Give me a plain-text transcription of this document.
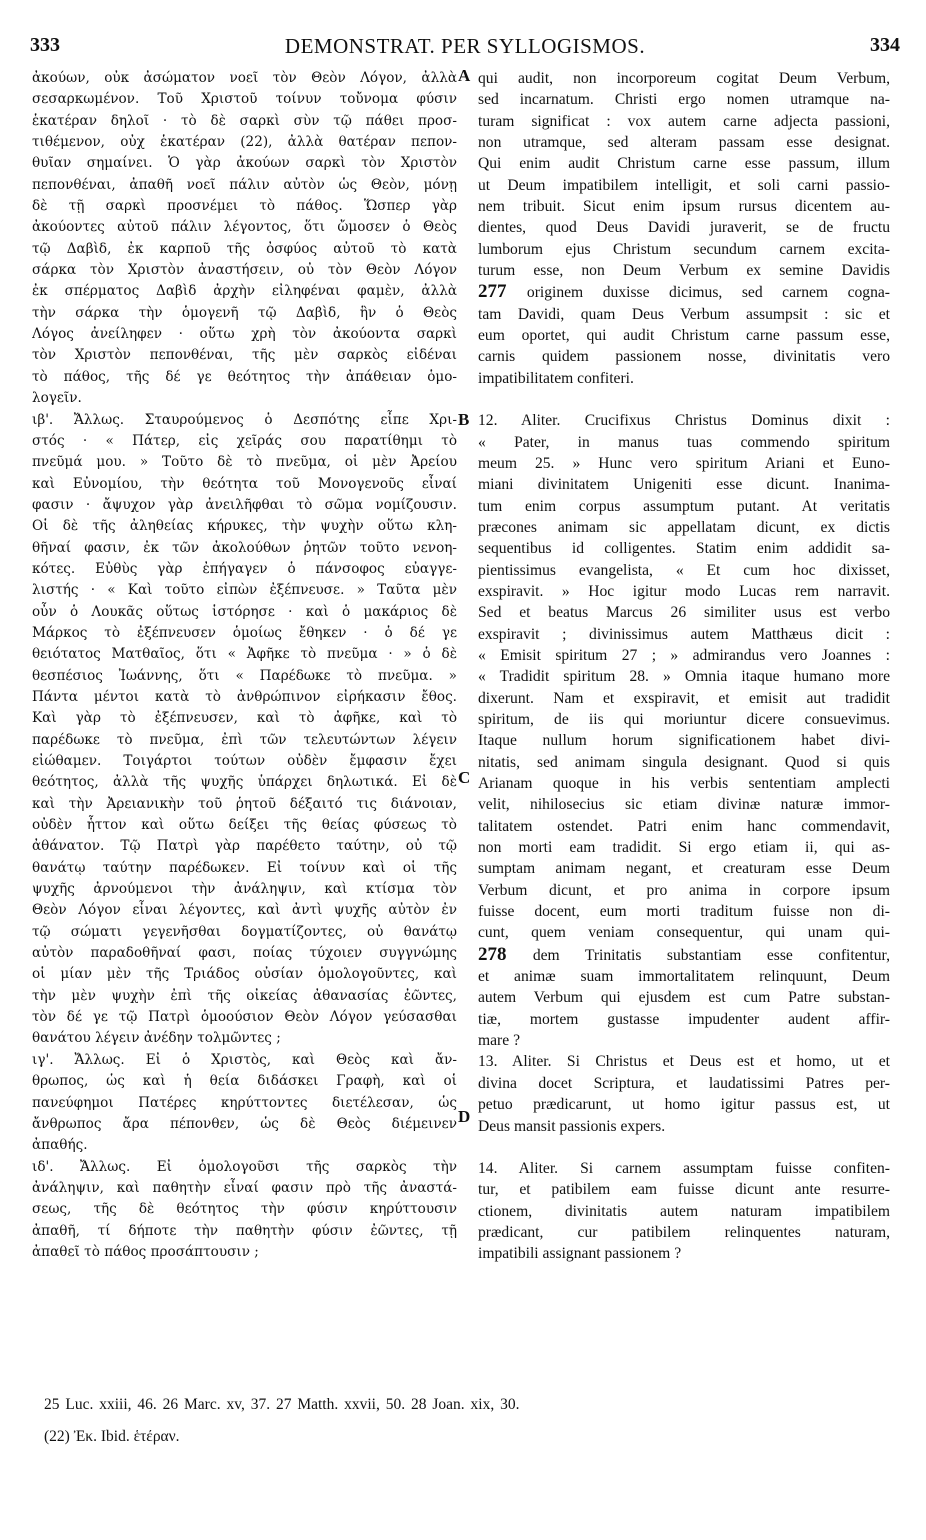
333	DEMONSTRAT. PER SYLLOGISMOS.	334
ἀκούων, οὐκ ἀσώματον νοεῖ τὸν Θεὸν Λόγον, ἀλλὰ
σεσαρκωμένον. Τοῦ Χριστοῦ τοίνυν τοὔνομα φύσιν
ἑκατέραν δηλοῖ · τὸ δὲ σαρκὶ σὺν τῷ πάθει προσ-
τιθέμενον, οὐχ ἑκατέραν (22), ἀλλὰ θατέραν πεπον-
θυῖαν σημαίνει. Ὁ γὰρ ἀκούων σαρκὶ τὸν Χριστὸν
πεπονθέναι, ἀπαθῆ νοεῖ πάλιν αὐτὸν ὡς Θεὸν, μόνῃ
δὲ τῇ σαρκὶ προσνέμει τὸ πάθος. Ὥσπερ γὰρ
ἀκούοντες αὐτοῦ πάλιν λέγοντος, ὅτι ὤμοσεν ὁ Θεὸς
τῷ Δαβὶδ, ἐκ καρποῦ τῆς ὀσφύος αὐτοῦ τὸ κατὰ
σάρκα τὸν Χριστὸν ἀναστήσειν, οὐ τὸν Θεὸν Λόγον
ἐκ σπέρματος Δαβὶδ ἀρχὴν εἰληφέναι φαμὲν, ἀλλὰ
τὴν σάρκα τὴν ὁμογενῆ τῷ Δαβὶδ, ἣν ὁ Θεὸς
Λόγος ἀνείληφεν · οὕτω χρὴ τὸν ἀκούοντα σαρκὶ
τὸν Χριστὸν πεπονθέναι, τῆς μὲν σαρκὸς εἰδέναι
τὸ πάθος, τῆς δέ γε θεότητος τὴν ἀπάθειαν ὁμο-
λογεῖν.
ιβ'. Ἄλλως. Σταυρούμενος ὁ Δεσπότης εἶπε Χρι-
στός · « Πάτερ, εἰς χεῖράς σου παρατίθημι τὸ
πνεῦμά μου. » Τοῦτο δὲ τὸ πνεῦμα, οἱ μὲν Ἀρείου
καὶ Εὐνομίου, τὴν θεότητα τοῦ Μονογενοῦς εἶναί
φασιν · ἄψυχον γὰρ ἀνειλῆφθαι τὸ σῶμα νομίζουσιν.
Οἱ δὲ τῆς ἀληθείας κήρυκες, τὴν ψυχὴν οὕτω κλη-
θῆναί φασιν, ἐκ τῶν ἀκολούθων ῥητῶν τοῦτο νενοη-
κότες. Εὐθὺς γὰρ ἐπήγαγεν ὁ πάνσοφος εὐαγγε-
λιστής · « Καὶ τοῦτο εἰπὼν ἐξέπνευσε. » Ταῦτα μὲν
οὖν ὁ Λουκᾶς οὕτως ἱστόρησε · καὶ ὁ μακάριος δὲ
Μάρκος τὸ ἐξέπνευσεν ὁμοίως ἔθηκεν · ὁ δέ γε
θειότατος Ματθαῖος, ὅτι « Ἀφῆκε τὸ πνεῦμα · » ὁ δὲ
θεσπέσιος Ἰωάννης, ὅτι « Παρέδωκε τὸ πνεῦμα. »
Πάντα μέντοι κατὰ τὸ ἀνθρώπινον εἰρήκασιν ἔθος.
Καὶ γὰρ τὸ ἐξέπνευσεν, καὶ τὸ ἀφῆκε, καὶ τὸ
παρέδωκε τὸ πνεῦμα, ἐπὶ τῶν τελευτώντων λέγειν
εἰώθαμεν. Τοιγάρτοι τούτων οὐδὲν ἔμφασιν ἔχει
θεότητος, ἀλλὰ τῆς ψυχῆς ὑπάρχει δηλωτικά. Εἰ δὲ
καὶ τὴν Ἀρειανικὴν τοῦ ῥητοῦ δέξαιτό τις διάνοιαν,
οὐδὲν ἧττον καὶ οὕτω δείξει τῆς θείας φύσεως τὸ
ἀθάνατον. Τῷ Πατρὶ γὰρ παρέθετο ταύτην, οὐ τῷ
θανάτῳ ταύτην παρέδωκεν. Εἰ τοίνυν καὶ οἱ τῆς
ψυχῆς ἀρνούμενοι τὴν ἀνάληψιν, καὶ κτίσμα τὸν
Θεὸν Λόγον εἶναι λέγοντες, καὶ ἀντὶ ψυχῆς αὐτὸν ἐν
τῷ σώματι γεγενῆσθαι δογματίζοντες, οὐ θανάτῳ
αὐτὸν παραδοθῆναί φασι, ποίας τύχοιεν συγγνώμης
οἱ μίαν μὲν τῆς Τριάδος οὐσίαν ὁμολογοῦντες, καὶ
τὴν μὲν ψυχὴν ἐπὶ τῆς οἰκείας ἀθανασίας ἐῶντες,
τὸν δέ γε τῷ Πατρὶ ὁμοούσιον Θεὸν Λόγον γεύσασθαι
θανάτου λέγειν ἀνέδην τολμῶντες ;
ιγ'. Ἄλλως. Εἰ ὁ Χριστὸς, καὶ Θεὸς καὶ ἄν-
θρωπος, ὡς καὶ ἡ θεία διδάσκει Γραφὴ, καὶ οἱ
πανεύφημοι Πατέρες κηρύττοντες διετέλεσαν, ὡς
ἄνθρωπος ἄρα πέπονθεν, ὡς δὲ Θεὸς διέμεινεν
ἀπαθής.
ιδ'. Ἄλλως. Εἰ ὁμολογοῦσι τῆς σαρκὸς τὴν
ἀνάληψιν, καὶ παθητὴν εἶναί φασιν πρὸ τῆς ἀναστά-
σεως, τῆς δὲ θεότητος τὴν φύσιν κηρύττουσιν
ἀπαθῆ, τί δήποτε τὴν παθητὴν φύσιν ἐῶντες, τῇ
ἀπαθεῖ τὸ πάθος προσάπτουσιν ;
qui audit, non incorporeum cogitat Deum Verbum,
sed incarnatum. Christi ergo nomen utramque na-
turam significat : vox autem carne adjecta passioni,
non utramque, sed alteram passam esse designat.
Qui enim audit Christum carne esse passum, illum
ut Deum impatibilem intelligit, et soli carni passio-
nem tribuit. Sicut enim ipsum rursus dicentem au-
dientes, quod Deus Davidi juraverit, se de fructu
lumborum ejus Christum secundum carnem excita-
turum esse, non Deum Verbum ex semine Davidis
277 originem duxisse dicimus, sed carnem cogna-
tam Davidi, quam Deus Verbum assumpsit : sic et
eum oportet, qui audit Christum carne passum esse,
carnis quidem passionem nosse, divinitatis vero
impatibilitatem confiteri.
12. Aliter. Crucifixus Christus Dominus dixit :
« Pater, in manus tuas commendo spiritum
meum 25. » Hunc vero spiritum Ariani et Euno-
miani divinitatem Unigeniti esse dicunt. Inanima-
tum enim corpus assumptum putant. At veritatis
præcones animam sic appellatam dicunt, ex dictis
sequentibus id colligentes. Statim enim addidit sa-
pientissimus evangelista, « Et cum hoc dixisset,
exspiravit. » Hoc igitur modo Lucas rem narravit.
Sed et beatus Marcus 26 similiter usus est verbo
exspiravit ; divinissimus autem Matthæus dicit :
« Emisit spiritum 27 ; » admirandus vero Joannes :
« Tradidit spiritum 28. » Omnia itaque humano more
dixerunt. Nam et exspiravit, et emisit aut tradidit
spiritum, de iis qui moriuntur dicere consuevimus.
Itaque nullum horum significationem habet divi-
nitatis, sed animam singula designant. Quod si quis
Arianam quoque in his verbis sententiam amplecti
velit, nihilosecius sic etiam divinæ naturæ immor-
talitatem ostendet. Patri enim hanc commendavit,
non morti eam tradidit. Si ergo etiam ii, qui as-
sumptam animam negant, et creaturam esse Deum
Verbum dicunt, et pro anima in corpore ipsum
fuisse docent, eum morti traditum fuisse non di-
cunt, quem veniam consequentur, qui unam qui-
278 dem Trinitatis substantiam esse confitentur,
et animæ suam immortalitatem relinquunt, Deum
autem Verbum qui ejusdem est cum Patre substan-
tiæ, mortem gustasse impudenter audent affir-
mare ?
13. Aliter. Si Christus et Deus est et homo, ut et
divina docet Scriptura, et laudatissimi Patres per-
petuo prædicarunt, ut homo igitur passus est, ut
Deus mansit passionis expers.
14. Aliter. Si carnem assumptam fuisse confiten-
tur, et patibilem eam fuisse dicunt ante resurre-
ctionem, divinitatis autem naturam impatibilem
prædicant, cur patibilem relinquentes naturam,
impatibili assignant passionem ?
A
B
C
D
25 Luc. xxiii, 46. 26 Marc. xv, 37. 27 Matth. xxvii, 50. 28 Joan. xix, 30.
(22) Ἐκ. Ibid. ἑτέραν.
